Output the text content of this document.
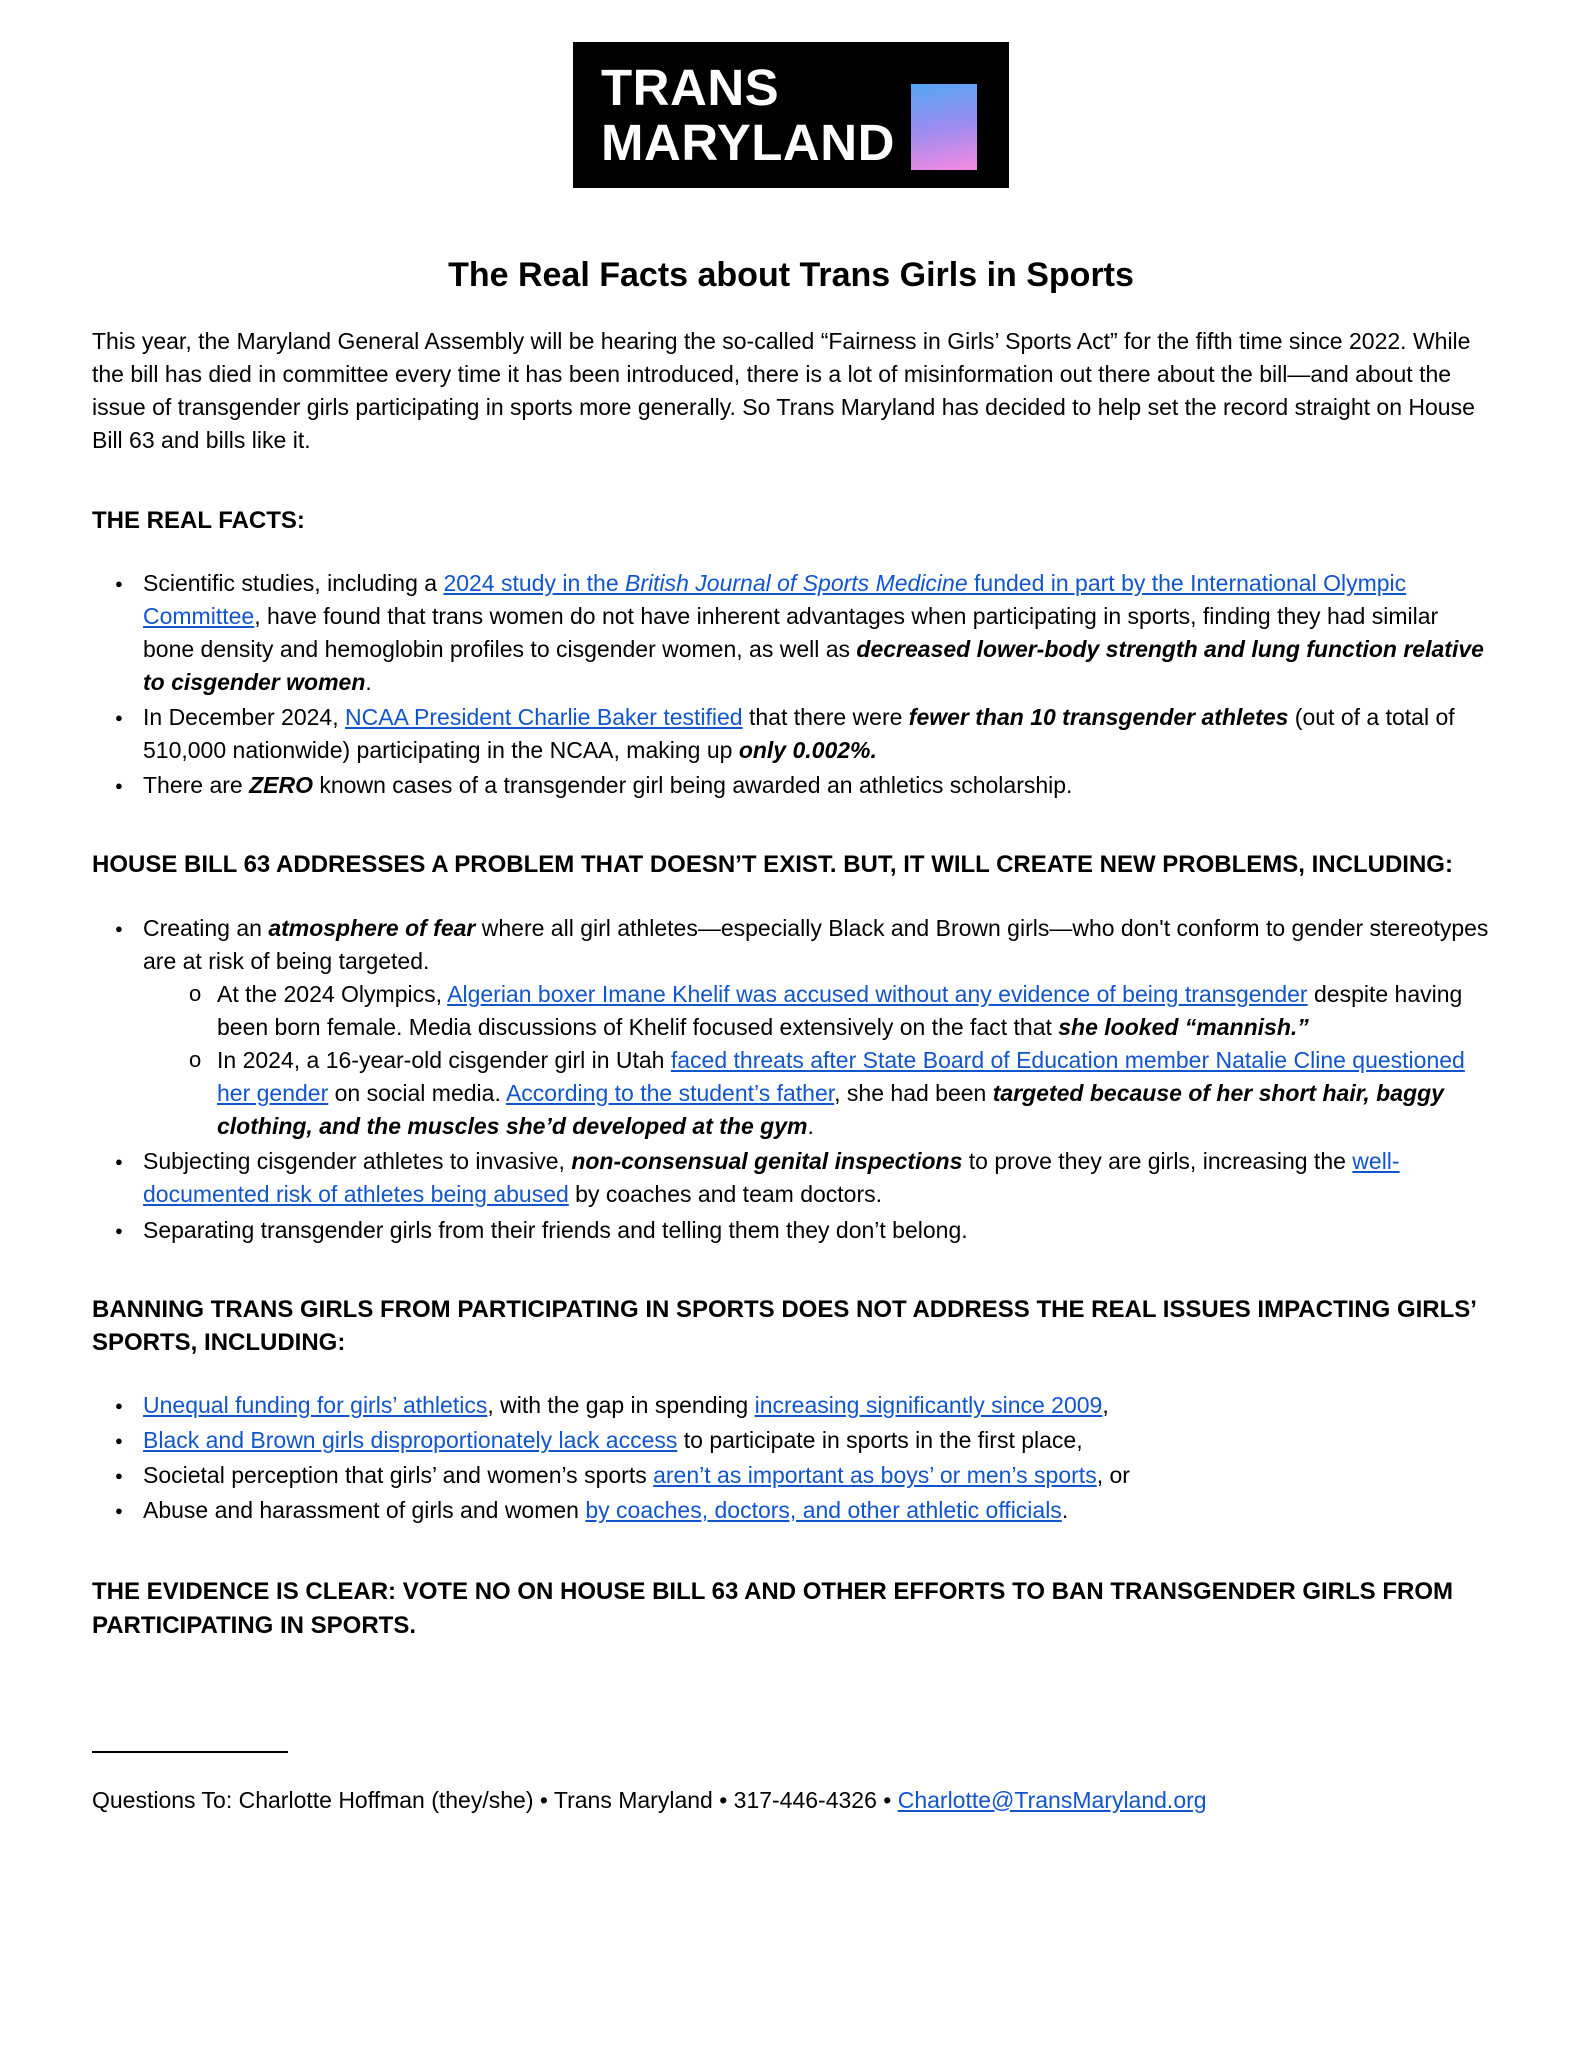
TRANS
MARYLAND
The Real Facts about Trans Girls in Sports

This year, the Maryland General Assembly will be hearing the so-called “Fairness in Girls’ Sports Act” for the fifth time since 2022. While the bill has died in committee every time it has been introduced, there is a lot of misinformation out there about the bill—and about the issue of transgender girls participating in sports more generally. So Trans Maryland has decided to help set the record straight on House Bill 63 and bills like it.

THE REAL FACTS:
● Scientific studies, including a 2024 study in the British Journal of Sports Medicine funded in part by the International Olympic Committee, have found that trans women do not have inherent advantages when participating in sports, finding they had similar bone density and hemoglobin profiles to cisgender women, as well as decreased lower-body strength and lung function relative to cisgender women.
● In December 2024, NCAA President Charlie Baker testified that there were fewer than 10 transgender athletes (out of a total of 510,000 nationwide) participating in the NCAA, making up only 0.002%.
● There are ZERO known cases of a transgender girl being awarded an athletics scholarship.
HOUSE BILL 63 ADDRESSES A PROBLEM THAT DOESN’T EXIST. BUT, IT WILL CREATE NEW PROBLEMS, INCLUDING:
● Creating an atmosphere of fear where all girl athletes—especially Black and Brown girls—who don't conform to gender stereotypes are at risk of being targeted.
o At the 2024 Olympics, Algerian boxer Imane Khelif was accused without any evidence of being transgender despite having been born female. Media discussions of Khelif focused extensively on the fact that she looked “mannish.”
o In 2024, a 16-year-old cisgender girl in Utah faced threats after State Board of Education member Natalie Cline questioned her gender on social media. According to the student’s father, she had been targeted because of her short hair, baggy clothing, and the muscles she’d developed at the gym.
● Subjecting cisgender athletes to invasive, non-consensual genital inspections to prove they are girls, increasing the well-documented risk of athletes being abused by coaches and team doctors.
● Separating transgender girls from their friends and telling them they don’t belong.
BANNING TRANS GIRLS FROM PARTICIPATING IN SPORTS DOES NOT ADDRESS THE REAL ISSUES IMPACTING GIRLS’ SPORTS, INCLUDING:
● Unequal funding for girls’ athletics, with the gap in spending increasing significantly since 2009,
● Black and Brown girls disproportionately lack access to participate in sports in the first place,
● Societal perception that girls’ and women’s sports aren’t as important as boys’ or men’s sports, or
● Abuse and harassment of girls and women by coaches, doctors, and other athletic officials.
THE EVIDENCE IS CLEAR: VOTE NO ON HOUSE BILL 63 AND OTHER EFFORTS TO BAN TRANSGENDER GIRLS FROM PARTICIPATING IN SPORTS.

Questions To: Charlotte Hoffman (they/she) • Trans Maryland • 317-446-4326 • Charlotte@TransMaryland.org
